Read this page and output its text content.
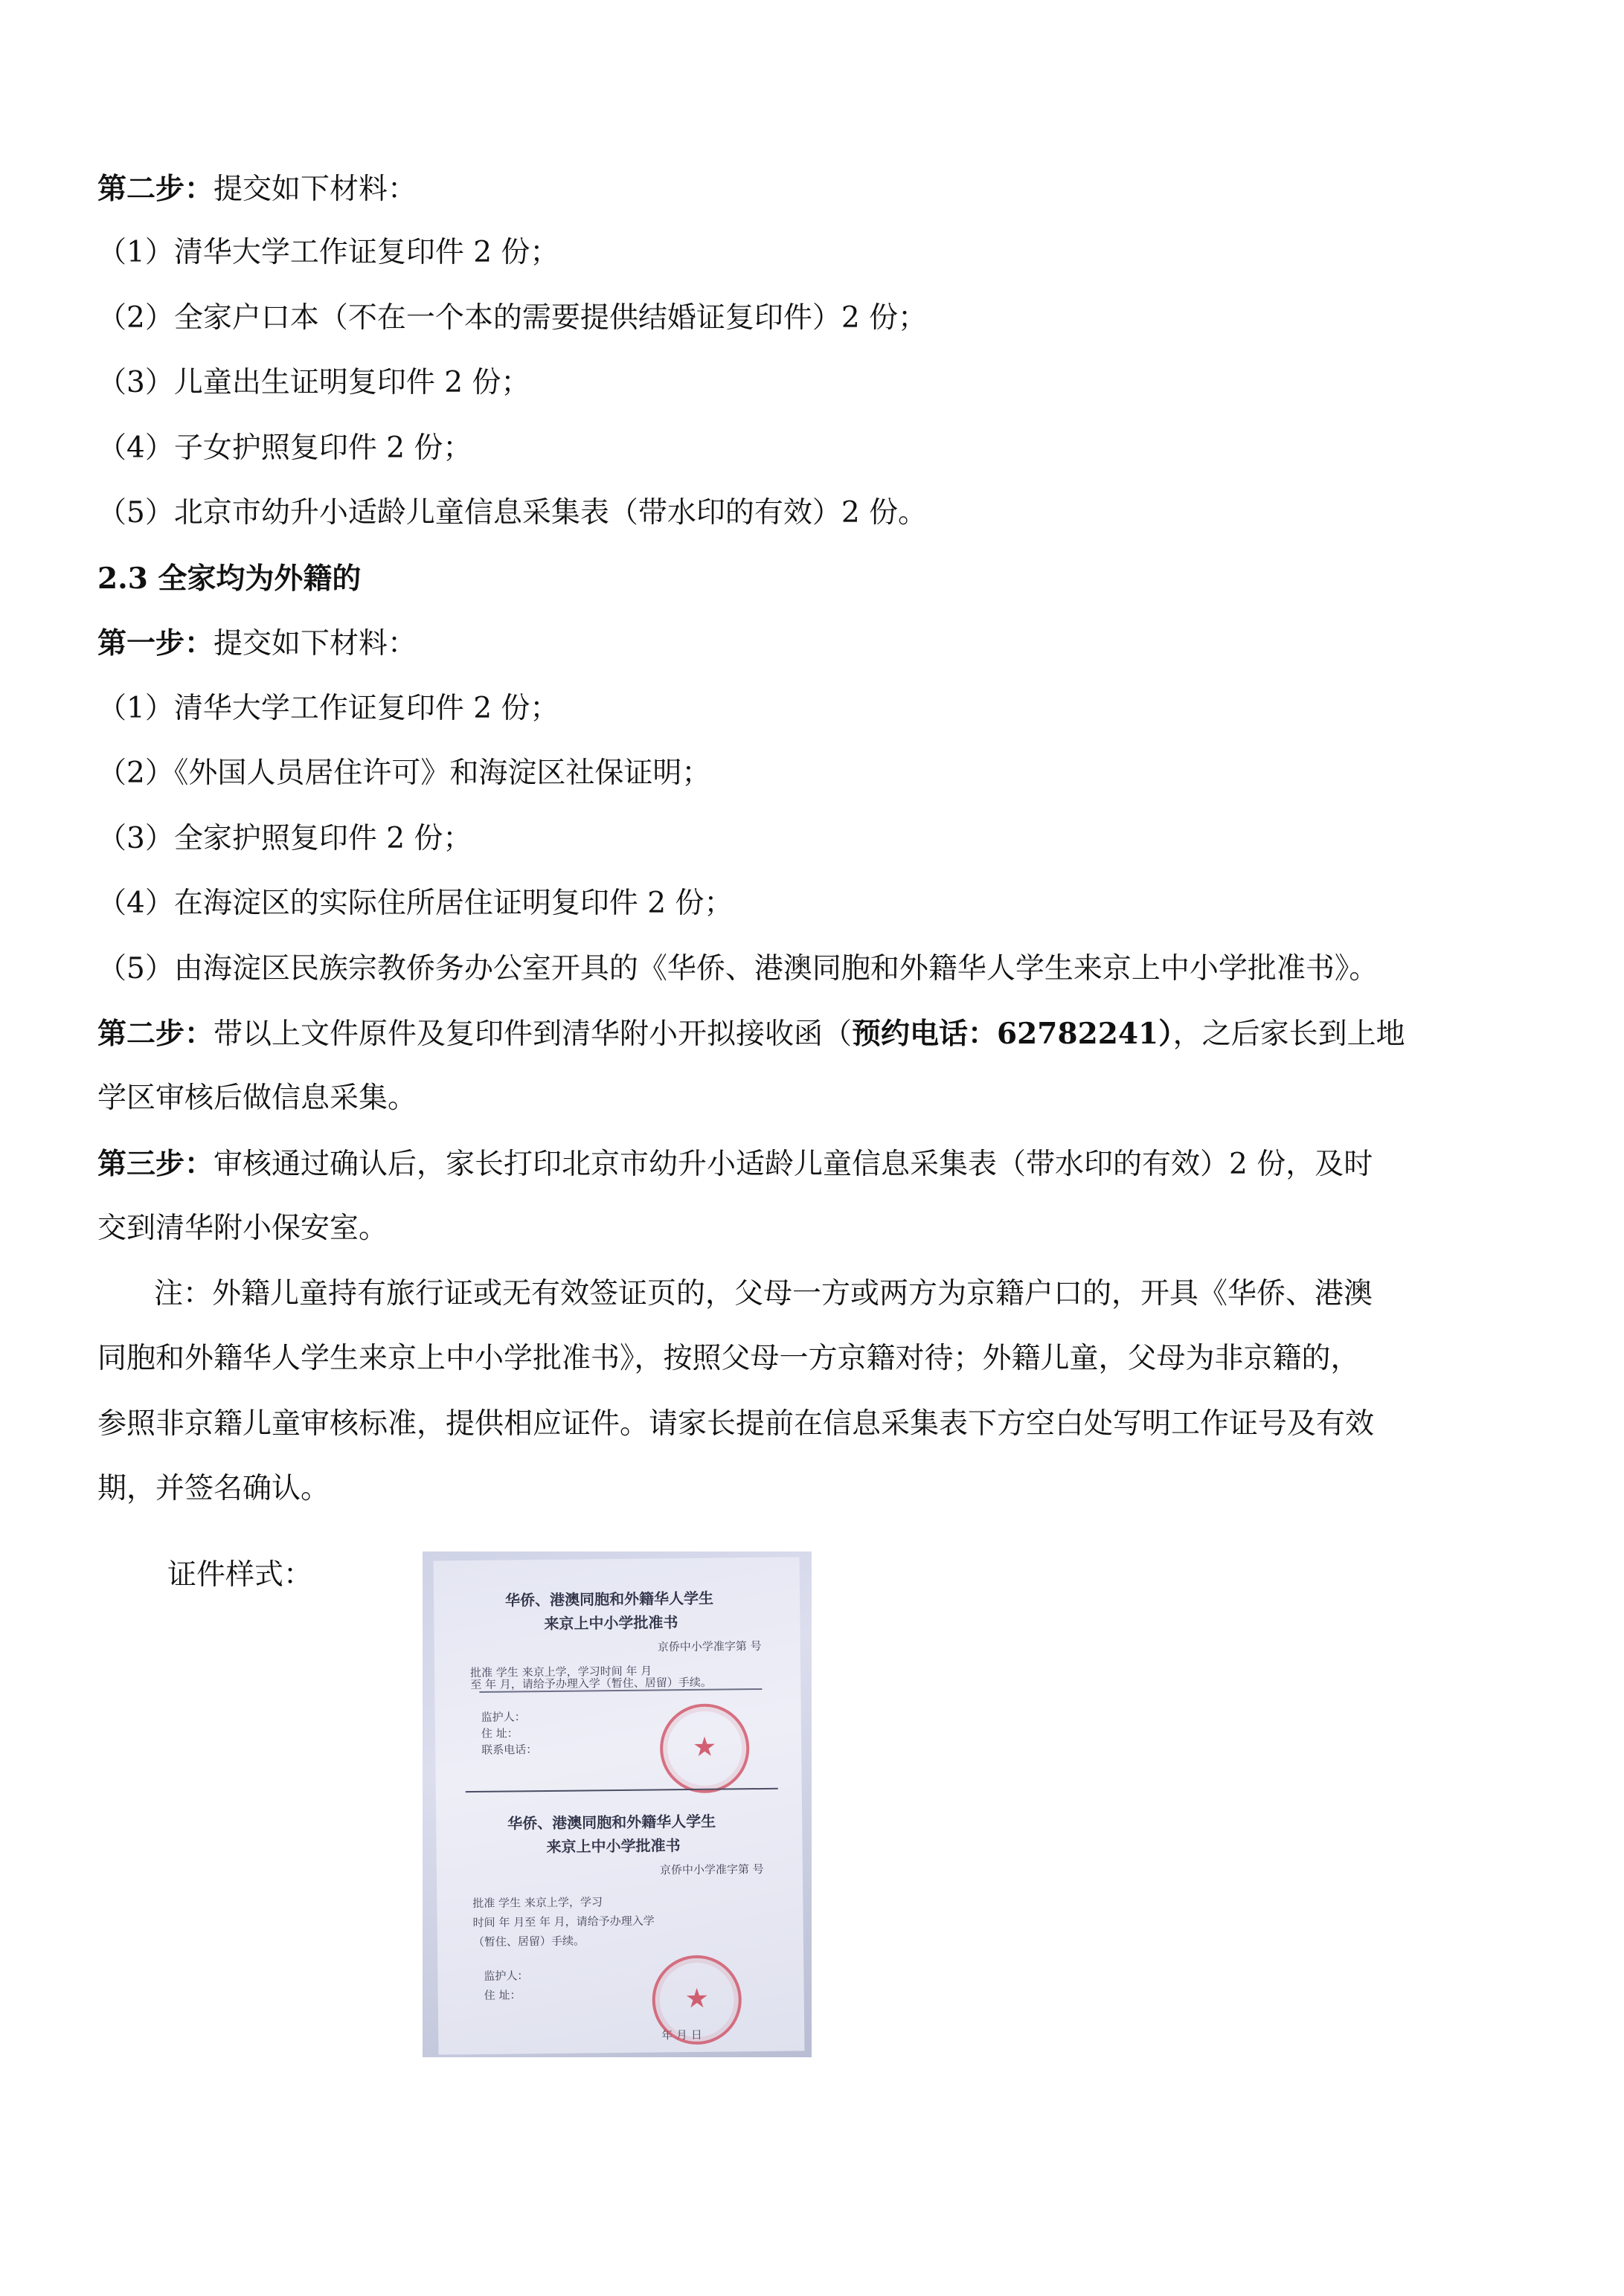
第二步：提交如下材料：
（1）清华大学工作证复印件 2 份；
（2）全家户口本（不在一个本的需要提供结婚证复印件）2 份；
（3）儿童出生证明复印件 2 份；
（4）子女护照复印件 2 份；
（5）北京市幼升小适龄儿童信息采集表（带水印的有效）2 份。
2.3 全家均为外籍的
第一步：提交如下材料：
（1）清华大学工作证复印件 2 份；
（2）《外国人员居住许可》和海淀区社保证明；
（3）全家护照复印件 2 份；
（4）在海淀区的实际住所居住证明复印件 2 份；
（5）由海淀区民族宗教侨务办公室开具的《华侨、港澳同胞和外籍华人学生来京上中小学批准书》。
第二步：带以上文件原件及复印件到清华附小开拟接收函（预约电话：62782241），之后家长到上地
学区审核后做信息采集。
第三步：审核通过确认后，家长打印北京市幼升小适龄儿童信息采集表（带水印的有效）2 份，及时
交到清华附小保安室。
注：外籍儿童持有旅行证或无有效签证页的，父母一方或两方为京籍户口的，开具《华侨、港澳
同胞和外籍华人学生来京上中小学批准书》，按照父母一方京籍对待；外籍儿童，父母为非京籍的，
参照非京籍儿童审核标准，提供相应证件。请家长提前在信息采集表下方空白处写明工作证号及有效
期，并签名确认。
证件样式：
华侨、港澳同胞和外籍华人学生
来京上中小学批准书
京侨中小学准字第 号
批准 学生 来京上学，学习时间 年 月
至 年 月，请给予办理入学（暂住、居留）手续。
监护人：
住 址：
联系电话：	★
华侨、港澳同胞和外籍华人学生
来京上中小学批准书
京侨中小学准字第 号
批准 学生 来京上学，学习
时间 年 月至 年 月，请给予办理入学
（暂住、居留）手续。
监护人：
住 址：
年 月 日
★
